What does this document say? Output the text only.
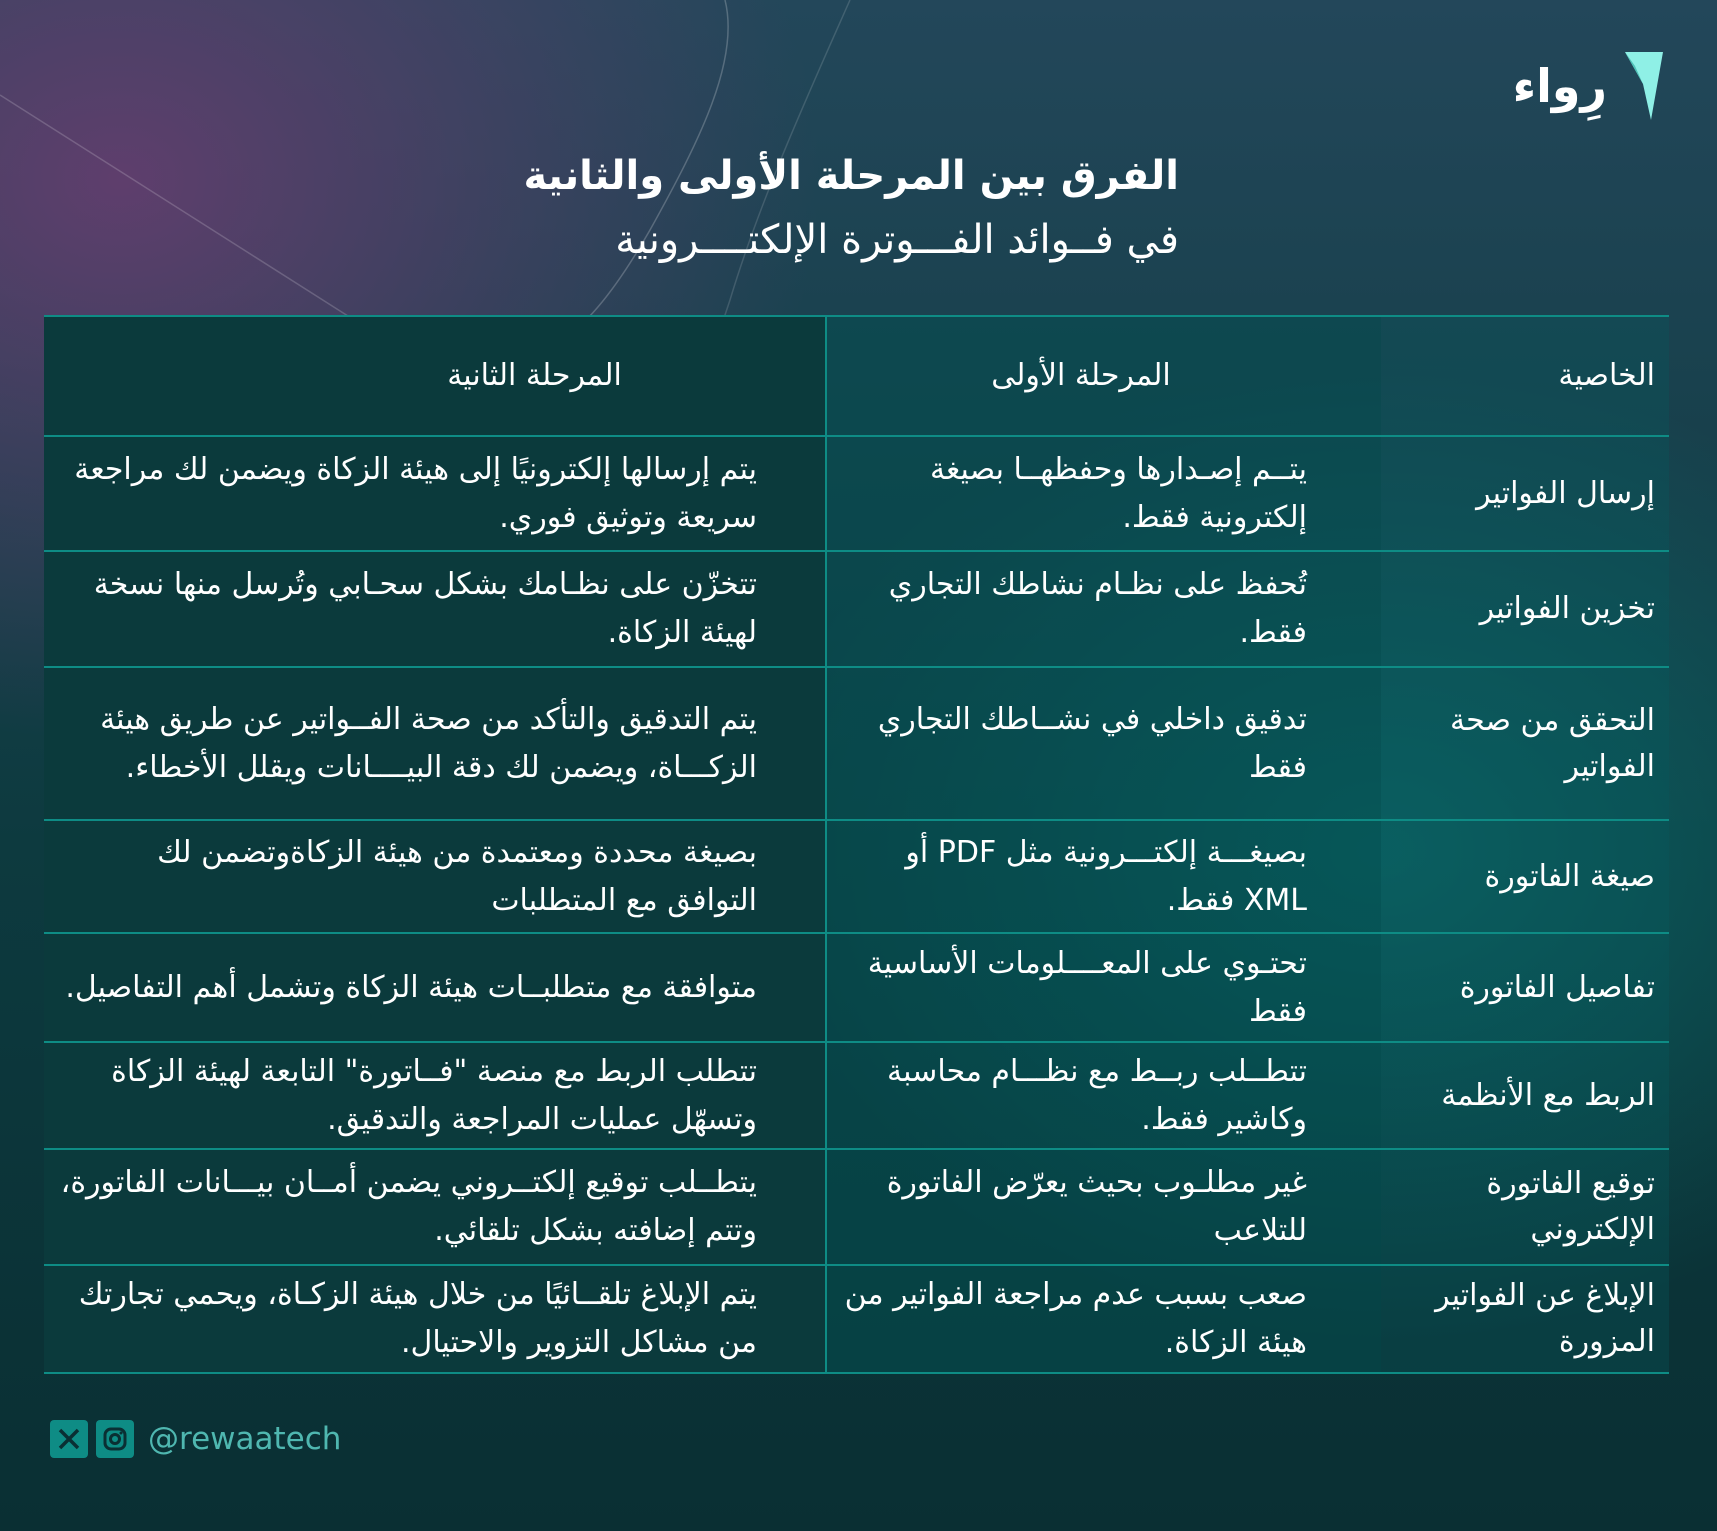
رِواء
الفرق بين المرحلة الأولى والثانية
في فــوائد الفـــوترة الإلكتــــرونية
الخاصية	المرحلة الأولى	المرحلة الثانية
إرسال الفواتير	يتــم إصـدارها وحفظهــا بصيغة إلكترونية فقط.	يتم إرسالها إلكترونيًا إلى هيئة الزكاة ويضمن لك مراجعة سريعة وتوثيق فوري.
تخزين الفواتير	تُحفظ على نظـام نشاطك التجاري فقط.	تتخزّن على نظـامك بشكل سحـابي وتُرسل منها نسخة لهيئة الزكاة.
التحقق من صحة الفواتير	تدقيق داخلي في نشــاطك التجاري فقط	يتم التدقيق والتأكد من صحة الفــواتير عن طريق هيئة الزكـــاة، ويضمن لك دقة البيــــانات ويقلل الأخطاء.
صيغة الفاتورة	بصيغـــة إلكتـــرونية مثل PDF أو XML فقط.	بصيغة محددة ومعتمدة من هيئة الزكاةوتضمن لك التوافق مع المتطلبات
تفاصيل الفاتورة	تحتـوي على المعــــلومات الأساسية فقط	متوافقة مع متطلبــات هيئة الزكاة وتشمل أهم التفاصيل.
الربط مع الأنظمة	تتطــلب ربــط مع نظـــام محاسبة وكاشير فقط.	تتطلب الربط مع منصة "فــاتورة" التابعة لهيئة الزكاة وتسهّل عمليات المراجعة والتدقيق.
توقيع الفاتورة الإلكتروني	غير مطلـوب بحيث يعرّض الفاتورة للتلاعب	يتطــلب توقيع إلكتــروني يضمن أمــان بيـــانات الفاتورة، وتتم إضافته بشكل تلقائي.
الإبلاغ عن الفواتير المزورة	صعب بسبب عدم مراجعة الفواتير من هيئة الزكاة.	يتم الإبلاغ تلقــائيًا من خلال هيئة الزكـاة، ويحمي تجارتك من مشاكل التزوير والاحتيال.
@rewaatech
